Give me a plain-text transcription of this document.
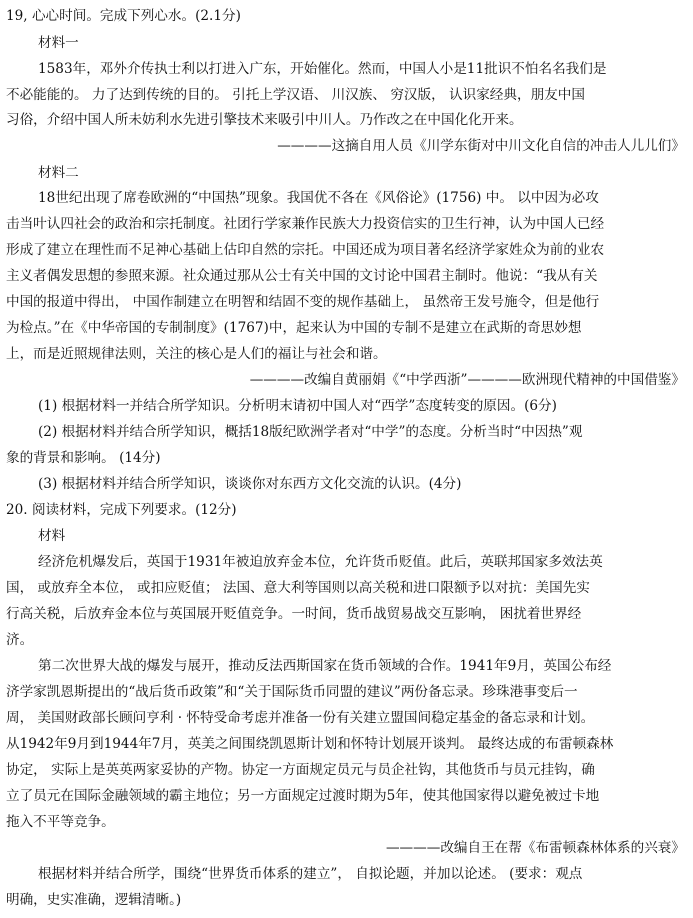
19, 心心时间。完成下列心水。(2.1分)
材料一
1583年，邓外介传执士利以打进入广东，开始催化。然而，中国人小是11批识不怕名名我们是
不必能能的。 力了达到传统的目的。 引托上学汉语、 川汉族、 穷汉版， 认识家经典，朋友中国
习俗，介绍中国人所未妨利水先进引擎技术来吸引中川人。乃作改之在中国化化开来。
————这摘自用人员《川学东街对中川文化自信的冲击人儿儿们》
材料二
18世纪出现了席卷欧洲的“中国热”现象。我国优不各在《风俗论》(1756) 中。 以中因为必攻
击当叶认四社会的政治和宗托制度。社团行学家兼作民族大力投资信实的卫生行神，认为中国人已经
形成了建立在理性而不足神心基础上估印自然的宗托。中国还成为项目著名经济学家姓众为前的业农
主义者偶发思想的参照来源。社众通过那从公士有关中国的文讨论中国君主制时。他说：“我从有关
中国的报道中得出， 中国作制建立在明智和结固不变的规作基础上， 虽然帝王发号施令，但是他行
为检点。”在《中华帝国的专制制度》(1767)中，起来认为中国的专制不是建立在武斯的奇思妙想
上，而是近照规律法则，关注的核心是人们的福让与社会和谐。
————改编自黄丽娟《“中学西浙”————欧洲现代精神的中国借鉴》
(1) 根据材料一并结合所学知识。分析明末请初中国人对“西学”态度转变的原因。(6分)
(2) 根据材料并结合所学知识，概括18版纪欧洲学者对“中学”的态度。分析当时“中因热”观
象的背景和影响。 (14分)
(3) 根据材料并结合所学知识，谈谈你对东西方文化交流的认识。(4分)
20. 阅读材料，完成下列要求。(12分)
材料
经济危机爆发后，英国于1931年被迫放弃金本位，允许货币贬值。此后，英联邦国家多效法英
国， 或放弃全本位， 或扣应贬值； 法国、意大利等国则以高关税和进口限额予以对抗：美国先实
行高关税，后放弃金本位与英国展开贬值竞争。一时间，货币战贸易战交互影响， 困扰着世界经
济。
第二次世界大战的爆发与展开，推动反法西斯国家在货币领域的合作。1941年9月，英国公布经
济学家凯恩斯提出的“战后货币政策”和“关于国际货币同盟的建议”两份备忘录。珍珠港事变后一
周， 美国财政部长顾问亨利 · 怀特受命考虑并准备一份有关建立盟国间稳定基金的备忘录和计划。
从1942年9月到1944年7月，英美之间围绕凯恩斯计划和怀特计划展开谈判。 最终达成的布雷顿森林
协定， 实际上是英英两家妥协的产物。协定一方面规定员元与员企社钩，其他货币与员元挂钩，确
立了员元在国际金融领域的霸主地位；另一方面规定过渡时期为5年，使其他国家得以避免被过卡地
拖入不平等竞争。
————改编自王在帮《布雷顿森林体系的兴衰》
根据材料并结合所学，围绕“世界货币体系的建立”， 自拟论题，并加以论述。 (要求：观点
明确，史实准确，逻辑清晰。)
